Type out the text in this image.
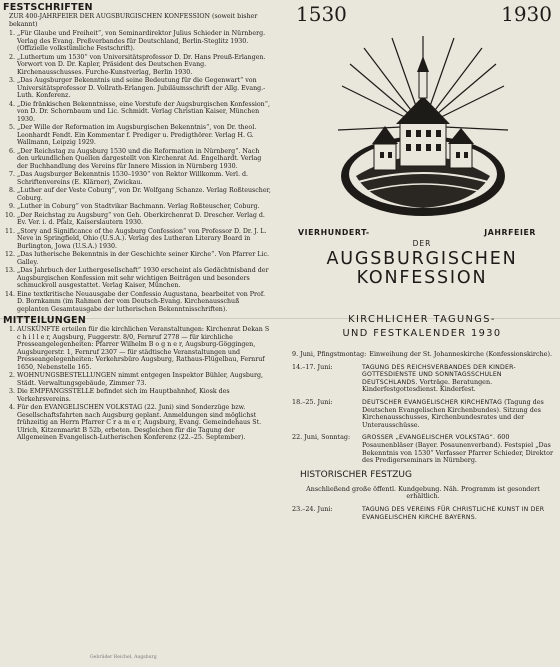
FESTSCHRIFTEN

ZUR 400-JAHRFEIER DER AUGSBURGISCHEN KONFESSION (soweit bisher bekannt)

1. „Für Glaube und Freiheit“, von Seminardirektor Julius Schieder in Nürnberg. Verlag des Evang. Preßverbandes für Deutschland, Berlin-Steglitz 1930. (Offizielle volkstümliche Festschrift).
2. „Luthertum um 1530“ von Universitätsprofessor D. Dr. Hans Preuß-Erlangen. Vorwort von D. Dr. Kapler, Präsident des Deutschen Evang. Kirchenausschusses. Furche-Kunstverlag, Berlin 1930.
3. „Das Augsburger Bekenntnis und seine Bedeutung für die Gegenwart“ von Universitätsprofessor D. Vollrath-Erlangen. Jubiläumsschrift der Allg. Evang.-Luth. Konferenz.
4. „Die fränkischen Bekenntnisse, eine Vorstufe der Augsburgischen Konfession“, von D. Dr. Schornbaum und Lic. Schmidt. Verlag Christian Kaiser, München 1930.
5. „Der Wille der Reformation im Augsburgischen Bekenntnis“, von Dr. theol. Leonhardt Fendt. Ein Kommentar f. Prediger u. Predigthörer. Verlag H. G. Wallmann, Leipzig 1929.
6. „Der Reichstag zu Augsburg 1530 und die Reformation in Nürnberg“. Nach den urkundlichen Quellen dargestellt von Kirchenrat Ad. Engelhardt. Verlag der Buchhandlung des Vereins für Innere Mission in Nürnberg 1930.
7. „Das Augsburger Bekenntnis 1530–1930“ von Rektor Willkomm. Verl. d. Schriftenvereins (E. Klärner), Zwickau.
8. „Luther auf der Veste Coburg“, von Dr. Wolfgang Schanze. Verlag Roßteuscher, Coburg.
9. „Luther in Coburg“ von Stadtvikar Bachmann. Verlag Roßteuscher, Coburg.
10. „Der Reichstag zu Augsburg“ von Geh. Oberkirchenrat D. Drescher. Verlag d. Ev. Ver. i. d. Pfalz, Kaiserslautern 1930.
11. „Story and Significance of the Augsburg Confession“ von Professor D. Dr. J. L. Neve in Springfield, Ohio (U.S.A.). Verlag des Lutheran Literary Board in Burlington, Jowa (U.S.A.) 1930.
12. „Das lutherische Bekenntnis in der Geschichte seiner Kirche“. Von Pfarrer Lic. Galley.
13. „Das Jahrbuch der Luthergesellschaft“ 1930 erscheint als Gedächtnisband der Augsburgischen Konfession mit sehr wichtigen Beiträgen und besonders schmuckvoll ausgestattet. Verlag Kaiser, München.
14. Eine textkritische Neuausgabe der Confessio Augustana, bearbeitet von Prof. D. Bornkamm (im Rahmen der vom Deutsch-Evang. Kirchenausschuß geplanten Gesamtausgabe der lutherischen Bekenntnisschriften).
MITTEILUNGEN
1. AUSKÜNFTE erteilen für die kirchlichen Veranstaltungen: Kirchenrat Dekan S c h i l l e r, Augsburg, Fuggerstr. 8/0, Fernruf 2778 — für kirchliche Presseangelegenheiten: Pfarrer Wilhelm B o g n e r, Augsburg-Göggingen, Augsburgerstr. 1, Fernruf 2307 — für städtische Veranstaltungen und Presseangelegenheiten: Verkehrsbüro Augsburg, Rathaus-Flügelbau, Fernruf 1650, Nebenstelle 165.
2. WOHNUNGSBESTELLUNGEN nimmt entgegen Inspektor Bühler, Augsburg, Städt. Verwaltungsgebäude, Zimmer 73.
3. Die EMPFANGSSTELLE befindet sich im Hauptbahnhof, Kiosk des Verkehrsvereins.
4. Für den EVANGELISCHEN VOLKSTAG (22. Juni) sind Sonderzüge bzw. Gesellschaftsfahrten nach Augsburg geplant. Anmeldungen sind möglichst frühzeitig an Herrn Pfarrer C r a m e r, Augsburg, Evang. Gemeindehaus St. Ulrich, Kitzenmarkt B 52b, erbeten. Desgleichen für die Tagung der Allgemeinen Evangelisch-Lutherischen Konferenz (22.–25. September).
Gebrüder Reichel, Augsburg
1530	1930
VIERHUNDERT-	JAHRFEIER
DER
AUGSBURGISCHEN
KONFESSION
KIRCHLICHER TAGUNGS-
UND FESTKALENDER 1930
9. Juni, Pfingstmontag: Einweihung der St. Johanneskirche (Konfessionskirche).
14.–17. Juni:	TAGUNG DES REICHSVERBANDES DER KINDER-GOTTESDIENSTE UND SONNTAGSSCHULEN DEUTSCHLANDS. Vorträge. Beratungen. Kinderfestgottesdienst. Kinderfest.
18.–25. Juni:	DEUTSCHER EVANGELISCHER KIRCHENTAG (Tagung des Deutschen Evangelischen Kirchenbundes). Sitzung des Kirchenausschusses, Kirchenbundesrates und der Unterausschüsse.
22. Juni, Sonntag:	GROSSER „EVANGELISCHER VOLKSTAG“. 600 Posaunenbläser (Bayer. Posaunenverband). Festspiel „Das Bekenntnis von 1530“ Verfasser Pfarrer Schieder, Direktor des Predigerseminars in Nürnberg.
HISTORISCHER FESTZUG
Anschließend große öffentl. Kundgebung. Näh. Programm ist gesondert erhältlich.
23.–24. Juni:	TAGUNG DES VEREINS FÜR CHRISTLICHE KUNST IN DER EVANGELISCHEN KIRCHE BAYERNS.
